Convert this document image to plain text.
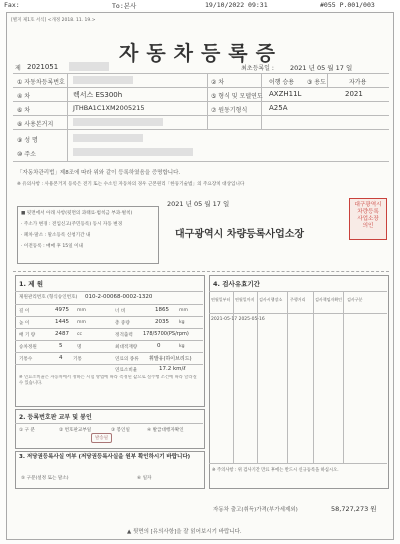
Fax:	To:본사	19/10/2022 09:31	#055 P.001/003
[별지 제1호 서식] <개정 2018. 11. 19.>
자동차등록증
제 2021051	최초등록일 : 2021 년 05 월 17 일
① 자동차등록번호	② 차	이행 승용 ③ 용도	자가용
④ 차	렉서스 ES300h	⑤ 형식 및 모델연도 AXZH11L	2021
⑥ 차	JTHBA1C1XM2005215	⑦ 원동기형식	A25A
⑧ 사용본거지
⑨ 성 명
⑩ 주소
「자동차관리법」제8조에 따라 위와 같이 등록하였음을 증명합니다.
※ 유의사항 : 사용본거지 등록은 전기 또는 수소인 자동차의 경우 근본원리「한둥기술법」의 주요장치 대상입니다
2021 년 05 월 17 일
■ 뒷면에서 아래 사항(뒷면의 과태료·범칙금 부과·벌칙)
· 주소가 변경 : 전입신고(주민등록) 동시 자동 변경
· 폐차·말소 : 말소등록 신청기간 내
· 이전등록 : 매매 후 15일 이내
대구광역시 차량등록사업소장
대구광역시
차량등록
사업소장
의인
1. 제 원
제원관리번호 (형식승인번호) 010-2-00068-0002-1320
길 이	4975 mm	너 비	1865 mm
높 이	1445 mm	총 중량	2035 kg
배 기 량	2487 cc	정격출력 178/5700(PS/rpm)
승차정원	5	명	최대적재량	0	kg
기통수	4 기통	연료의 종류 휘발유(하이브리드)
연료소비율	17.2 km/ℓ
※ 연료소비율은 자동차에서 정하는 시험 방법에 따라 측정된 값으로 실주행 조건에 따라 달라질 수 있습니다.
2. 등록번호판 교부 및 봉인
① 구 분	② 번호판교부일	③ 봉인일	④ 발급대행자확인
발송필
3. 저당권등록사실 여부 (저당권등록사실을 원부 확인하시기 바랍니다)
⑤ 구분(설정 또는 말소)	⑥ 일자
4. 검사유효기간
연월일부터 연월일까지 검사시행장소 주행거리 검사책임자확인 검사구분
2021-05-17 2025-05-16
※ 주의사항 : 위 검사기간 만료 후에는 반드시 신규등록을 하십시오.
자동차 출고(취득)가격(부가세제외)	58,727,273 원
▲ 뒷면의 [유의사항]을 잘 읽어보시기 바랍니다.
